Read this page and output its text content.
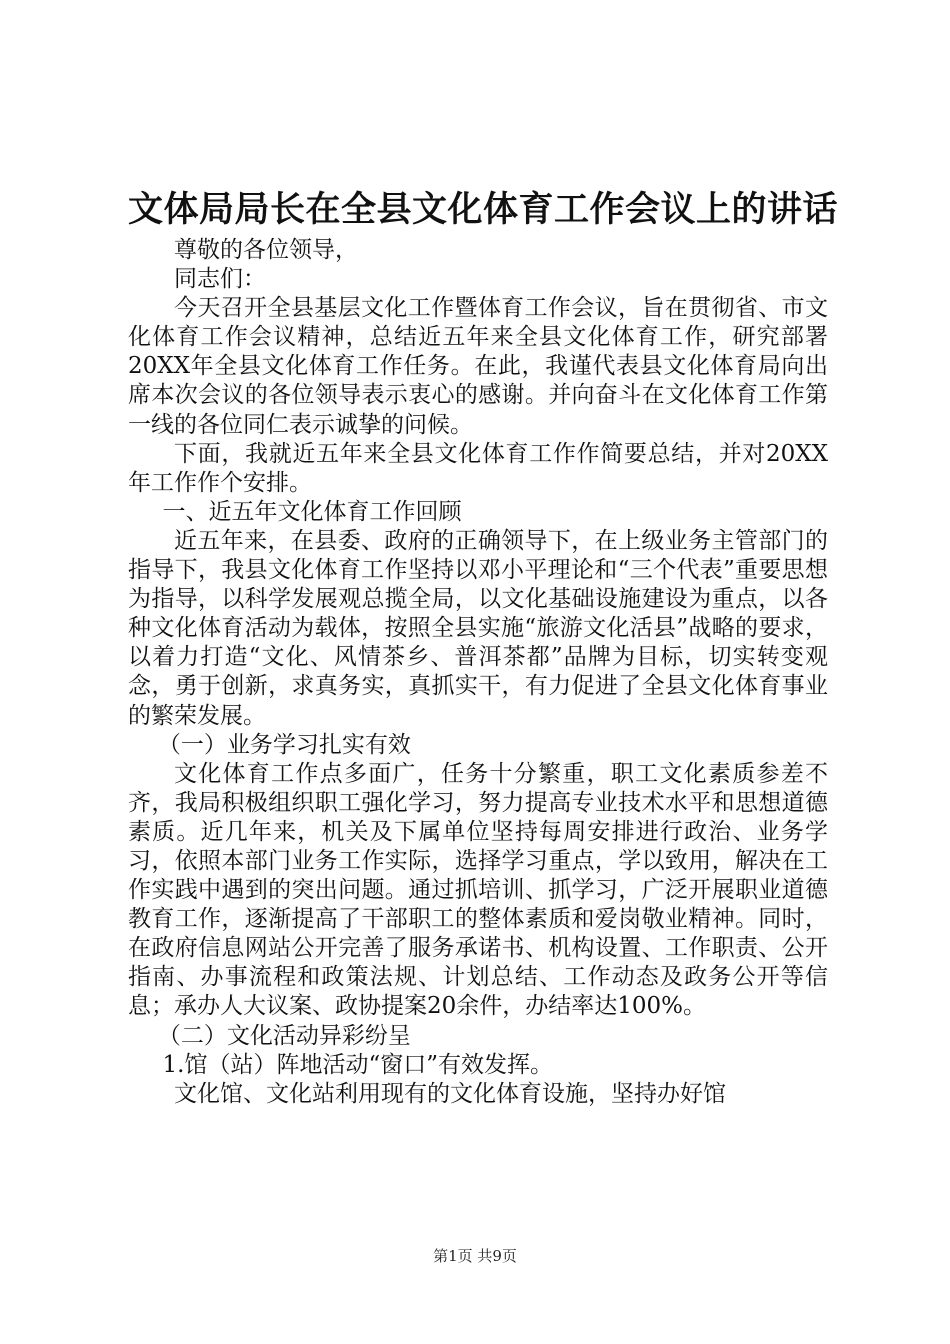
文体局局长在全县文化体育工作会议上的讲话

尊敬的各位领导，

同志们：

今天召开全县基层文化工作暨体育工作会议，旨在贯彻省、市文化体育工作会议精神，总结近五年来全县文化体育工作，研究部署20XX年全县文化体育工作任务。在此，我谨代表县文化体育局向出席本次会议的各位领导表示衷心的感谢。并向奋斗在文化体育工作第一线的各位同仁表示诚挚的问候。

下面，我就近五年来全县文化体育工作作简要总结，并对20XX年工作作个安排。

一、近五年文化体育工作回顾

近五年来，在县委、政府的正确领导下，在上级业务主管部门的指导下，我县文化体育工作坚持以邓小平理论和“三个代表”重要思想为指导，以科学发展观总揽全局，以文化基础设施建设为重点，以各种文化体育活动为载体，按照全县实施“旅游文化活县”战略的要求，以着力打造“文化、风情茶乡、普洱茶都”品牌为目标，切实转变观念，勇于创新，求真务实，真抓实干，有力促进了全县文化体育事业的繁荣发展。

（一）业务学习扎实有效

文化体育工作点多面广，任务十分繁重，职工文化素质参差不齐，我局积极组织职工强化学习，努力提高专业技术水平和思想道德素质。近几年来，机关及下属单位坚持每周安排进行政治、业务学习，依照本部门业务工作实际，选择学习重点，学以致用，解决在工作实践中遇到的突出问题。通过抓培训、抓学习，广泛开展职业道德教育工作，逐渐提高了干部职工的整体素质和爱岗敬业精神。同时，在政府信息网站公开完善了服务承诺书、机构设置、工作职责、公开指南、办事流程和政策法规、计划总结、工作动态及政务公开等信息；承办人大议案、政协提案20余件，办结率达100%。

（二）文化活动异彩纷呈

1.馆（站）阵地活动“窗口”有效发挥。

文化馆、文化站利用现有的文化体育设施，坚持办好馆

第1页 共9页
